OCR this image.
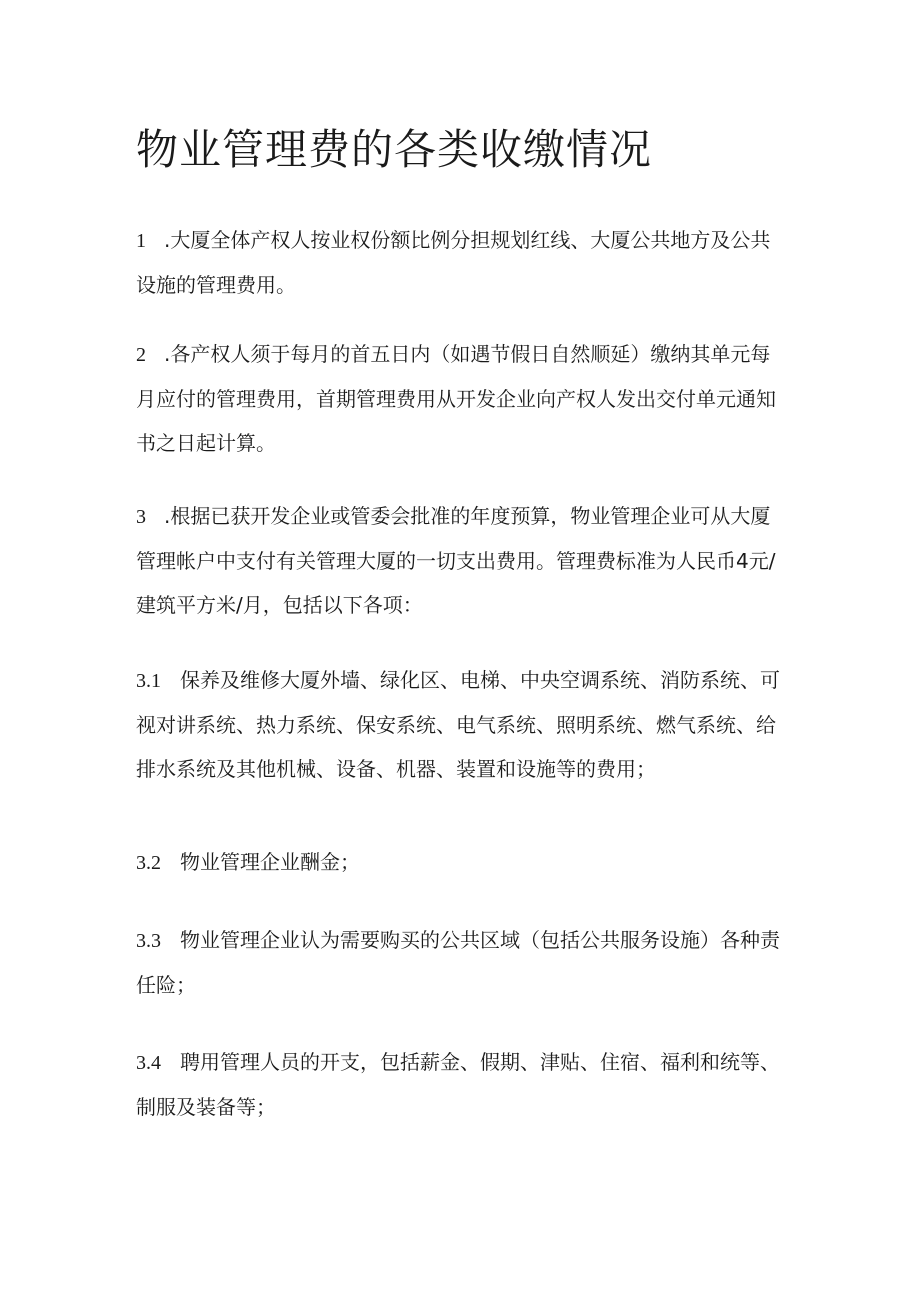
物业管理费的各类收缴情况

1 .大厦全体产权人按业权份额比例分担规划红线、大厦公共地方及公共设施的管理费用。

2 .各产权人须于每月的首五日内（如遇节假日自然顺延）缴纳其单元每月应付的管理费用，首期管理费用从开发企业向产权人发出交付单元通知书之日起计算。

3 .根据已获开发企业或管委会批准的年度预算，物业管理企业可从大厦管理帐户中支付有关管理大厦的一切支出费用。管理费标准为人民币4元/建筑平方米/月，包括以下各项：

3.1 保养及维修大厦外墙、绿化区、电梯、中央空调系统、消防系统、可视对讲系统、热力系统、保安系统、电气系统、照明系统、燃气系统、给排水系统及其他机械、设备、机器、装置和设施等的费用；

3.2 物业管理企业酬金；

3.3 物业管理企业认为需要购买的公共区域（包括公共服务设施）各种责任险；

3.4 聘用管理人员的开支，包括薪金、假期、津贴、住宿、福利和统等、制服及装备等；
